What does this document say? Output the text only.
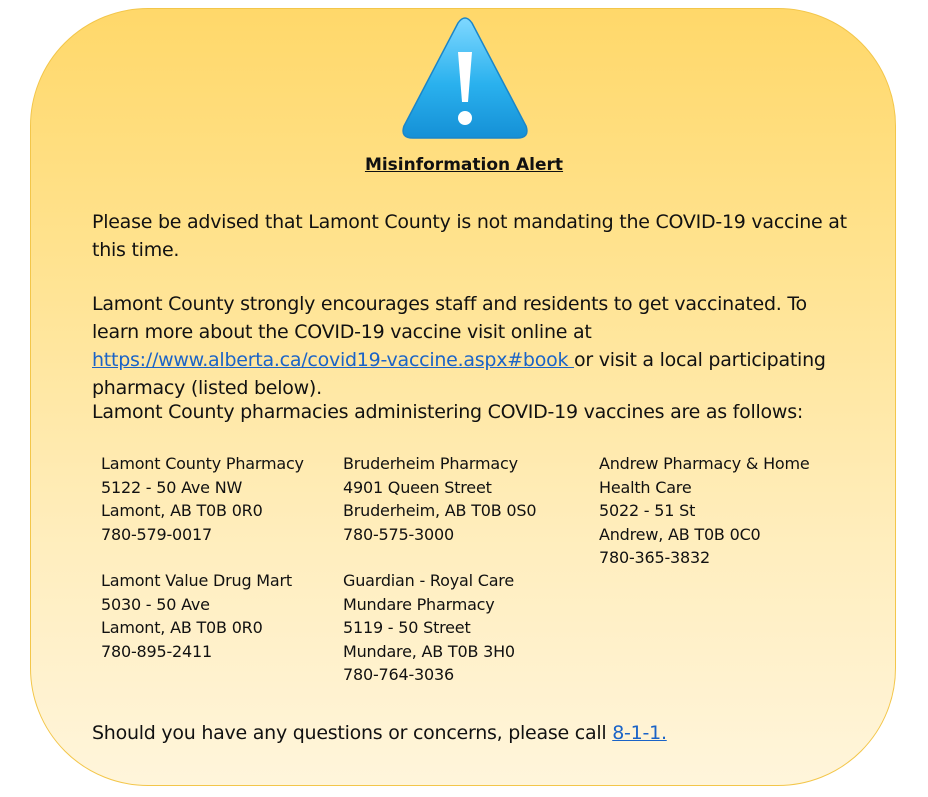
Misinformation Alert
Please be advised that Lamont County is not mandating the COVID-19 vaccine at this time.
Lamont County strongly encourages staff and residents to get vaccinated. To learn more about the COVID-19 vaccine visit online at https://www.alberta.ca/covid19-vaccine.aspx#book or visit a local participating pharmacy (listed below).
Lamont County pharmacies administering COVID-19 vaccines are as follows:
Lamont County Pharmacy
5122 - 50 Ave NW
Lamont, AB T0B 0R0
780-579-0017
Bruderheim Pharmacy
4901 Queen Street
Bruderheim, AB T0B 0S0
780-575-3000
Andrew Pharmacy & Home Health Care
5022 - 51 St
Andrew, AB T0B 0C0
780-365-3832
Lamont Value Drug Mart
5030 - 50 Ave
Lamont, AB T0B 0R0
780-895-2411
Guardian - Royal Care Mundare Pharmacy
5119 - 50 Street
Mundare, AB T0B 3H0
780-764-3036
Should you have any questions or concerns, please call 8-1-1.
